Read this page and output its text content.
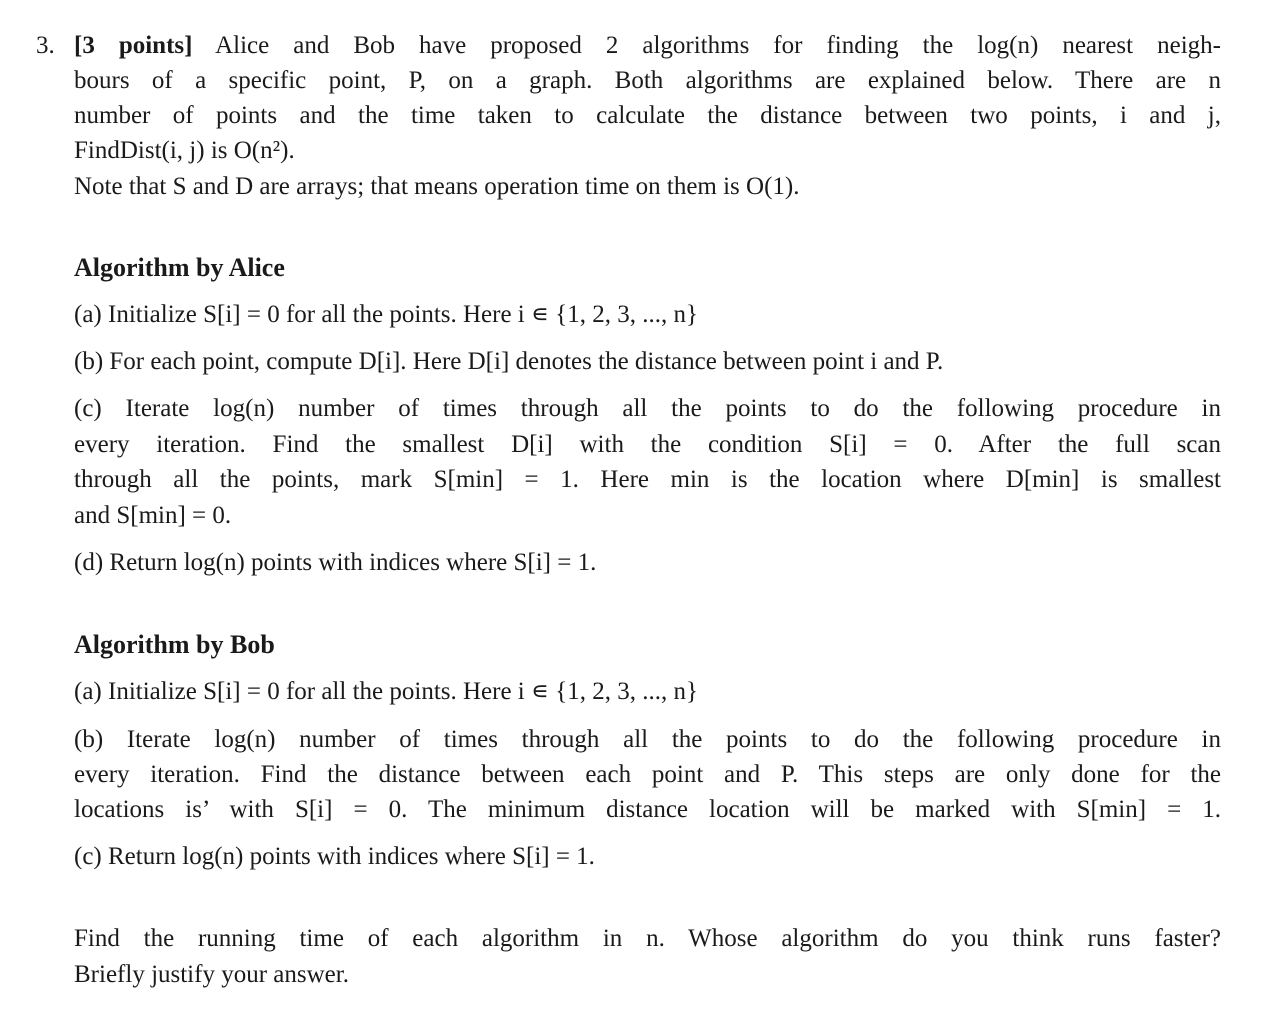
3. [3 points] Alice and Bob have proposed 2 algorithms for finding the log(n) nearest neigh-
bours of a specific point, P, on a graph. Both algorithms are explained below. There are n
number of points and the time taken to calculate the distance between two points, i and j,
FindDist(i, j) is O(n²).
Note that S and D are arrays; that means operation time on them is O(1).
Algorithm by Alice
(a) Initialize S[i] = 0 for all the points. Here i ∊ {1, 2, 3, ..., n}
(b) For each point, compute D[i]. Here D[i] denotes the distance between point i and P.
(c) Iterate log(n) number of times through all the points to do the following procedure in
every iteration. Find the smallest D[i] with the condition S[i] = 0. After the full scan
through all the points, mark S[min] = 1. Here min is the location where D[min] is smallest
and S[min] = 0.
(d) Return log(n) points with indices where S[i] = 1.
Algorithm by Bob
(a) Initialize S[i] = 0 for all the points. Here i ∊ {1, 2, 3, ..., n}
(b) Iterate log(n) number of times through all the points to do the following procedure in
every iteration. Find the distance between each point and P. This steps are only done for the
locations is’ with S[i] = 0. The minimum distance location will be marked with S[min] = 1.
(c) Return log(n) points with indices where S[i] = 1.
Find the running time of each algorithm in n. Whose algorithm do you think runs faster?
Briefly justify your answer.
